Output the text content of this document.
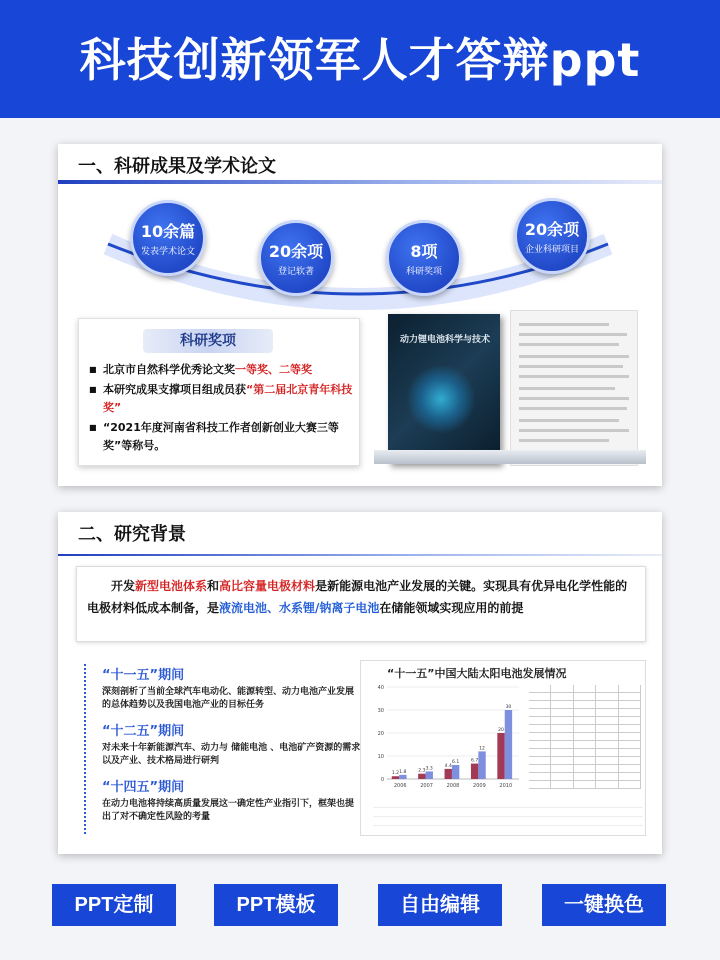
科技创新领军人才答辩ppt
一、科研成果及学术论文
10余篇
发表学术论文	20余项
登记软著
8项
科研奖项
20余项
企业科研项目
科研奖项
■ 北京市自然科学优秀论文奖一等奖、二等奖
■ 本研究成果支撑项目组成员获“第二届北京青年科技奖”
■ “2021年度河南省科技工作者创新创业大赛三等奖”等称号。
动力锂电池科学与技术
二、研究背景
开发新型电池体系和高比容量电极材料是新能源电池产业发展的关键。实现具有优异电化学性能的电极材料低成本制备，是液流电池、水系锂/钠离子电池在储能领域实现应用的前提
“十一五”期间
深刻剖析了当前全球汽车电动化、能源转型、动力电池产业发展的总体趋势以及我国电池产业的目标任务
“十二五”期间
对未来十年新能源汽车、动力与 储能电池 、电池矿产资源的需求以及产业、技术格局进行研判
“十四五”期间
在动力电池将持续高质量发展这一确定性产业指引下，框架也提出了对不确定性风险的考量
“十一五”中国大陆太阳电池发展情况
0
10
20
30
40
1.2 1.8
2006
2.3 3.3
2007
4.4
6.1
2008
6.7
12
2009
20
30
2010
PPT定制	PPT模板	自由编辑	一键换色
